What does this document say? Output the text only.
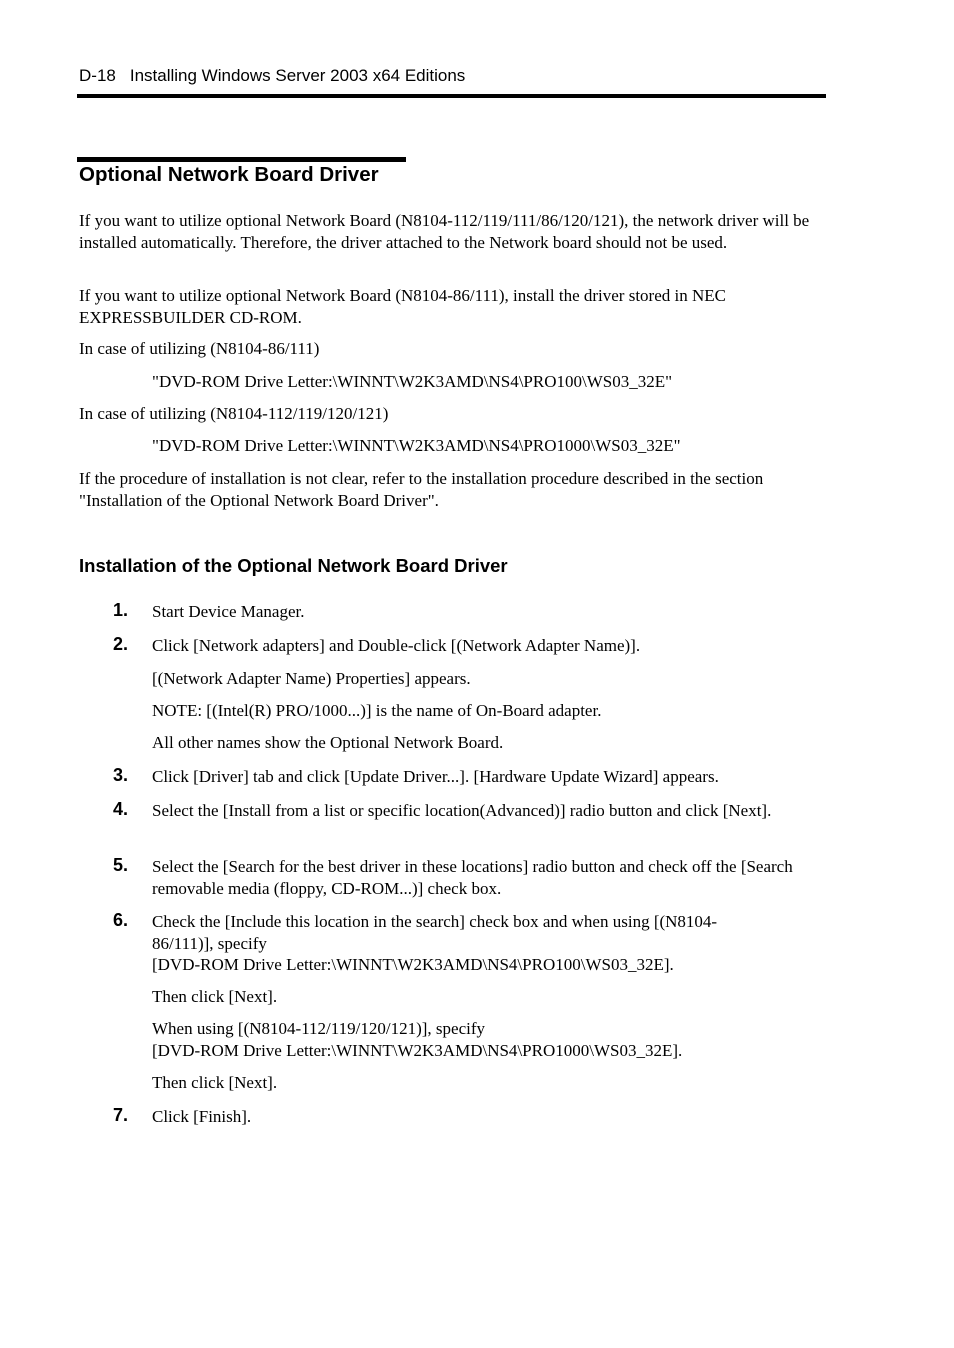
D-18 Installing Windows Server 2003 x64 Editions
Optional Network Board Driver
If you want to utilize optional Network Board (N8104-112/119/111/86/120/121), the network driver will be installed automatically. Therefore, the driver attached to the Network board should not be used.
If you want to utilize optional Network Board (N8104-86/111), install the driver stored in NEC EXPRESSBUILDER CD-ROM.
In case of utilizing (N8104-86/111)
"DVD-ROM Drive Letter:\WINNT\W2K3AMD\NS4\PRO100\WS03_32E"
In case of utilizing (N8104-112/119/120/121)
"DVD-ROM Drive Letter:\WINNT\W2K3AMD\NS4\PRO1000\WS03_32E"
If the procedure of installation is not clear, refer to the installation procedure described in the section "Installation of the Optional Network Board Driver".
Installation of the Optional Network Board Driver
1. Start Device Manager.
2. Click [Network adapters] and Double-click [(Network Adapter Name)].
[(Network Adapter Name) Properties] appears.
NOTE: [(Intel(R) PRO/1000...)] is the name of On-Board adapter.
All other names show the Optional Network Board.
3. Click [Driver] tab and click [Update Driver...]. [Hardware Update Wizard] appears.
4. Select the [Install from a list or specific location(Advanced)] radio button and click [Next].
5. Select the [Search for the best driver in these locations] radio button and check off the [Search removable media (floppy, CD-ROM...)] check box.
6. Check the [Include this location in the search] check box and when using [(N8104-
86/111)], specify
[DVD-ROM Drive Letter:\WINNT\W2K3AMD\NS4\PRO100\WS03_32E].
Then click [Next].
When using [(N8104-112/119/120/121)], specify
[DVD-ROM Drive Letter:\WINNT\W2K3AMD\NS4\PRO1000\WS03_32E].
Then click [Next].
7. Click [Finish].
